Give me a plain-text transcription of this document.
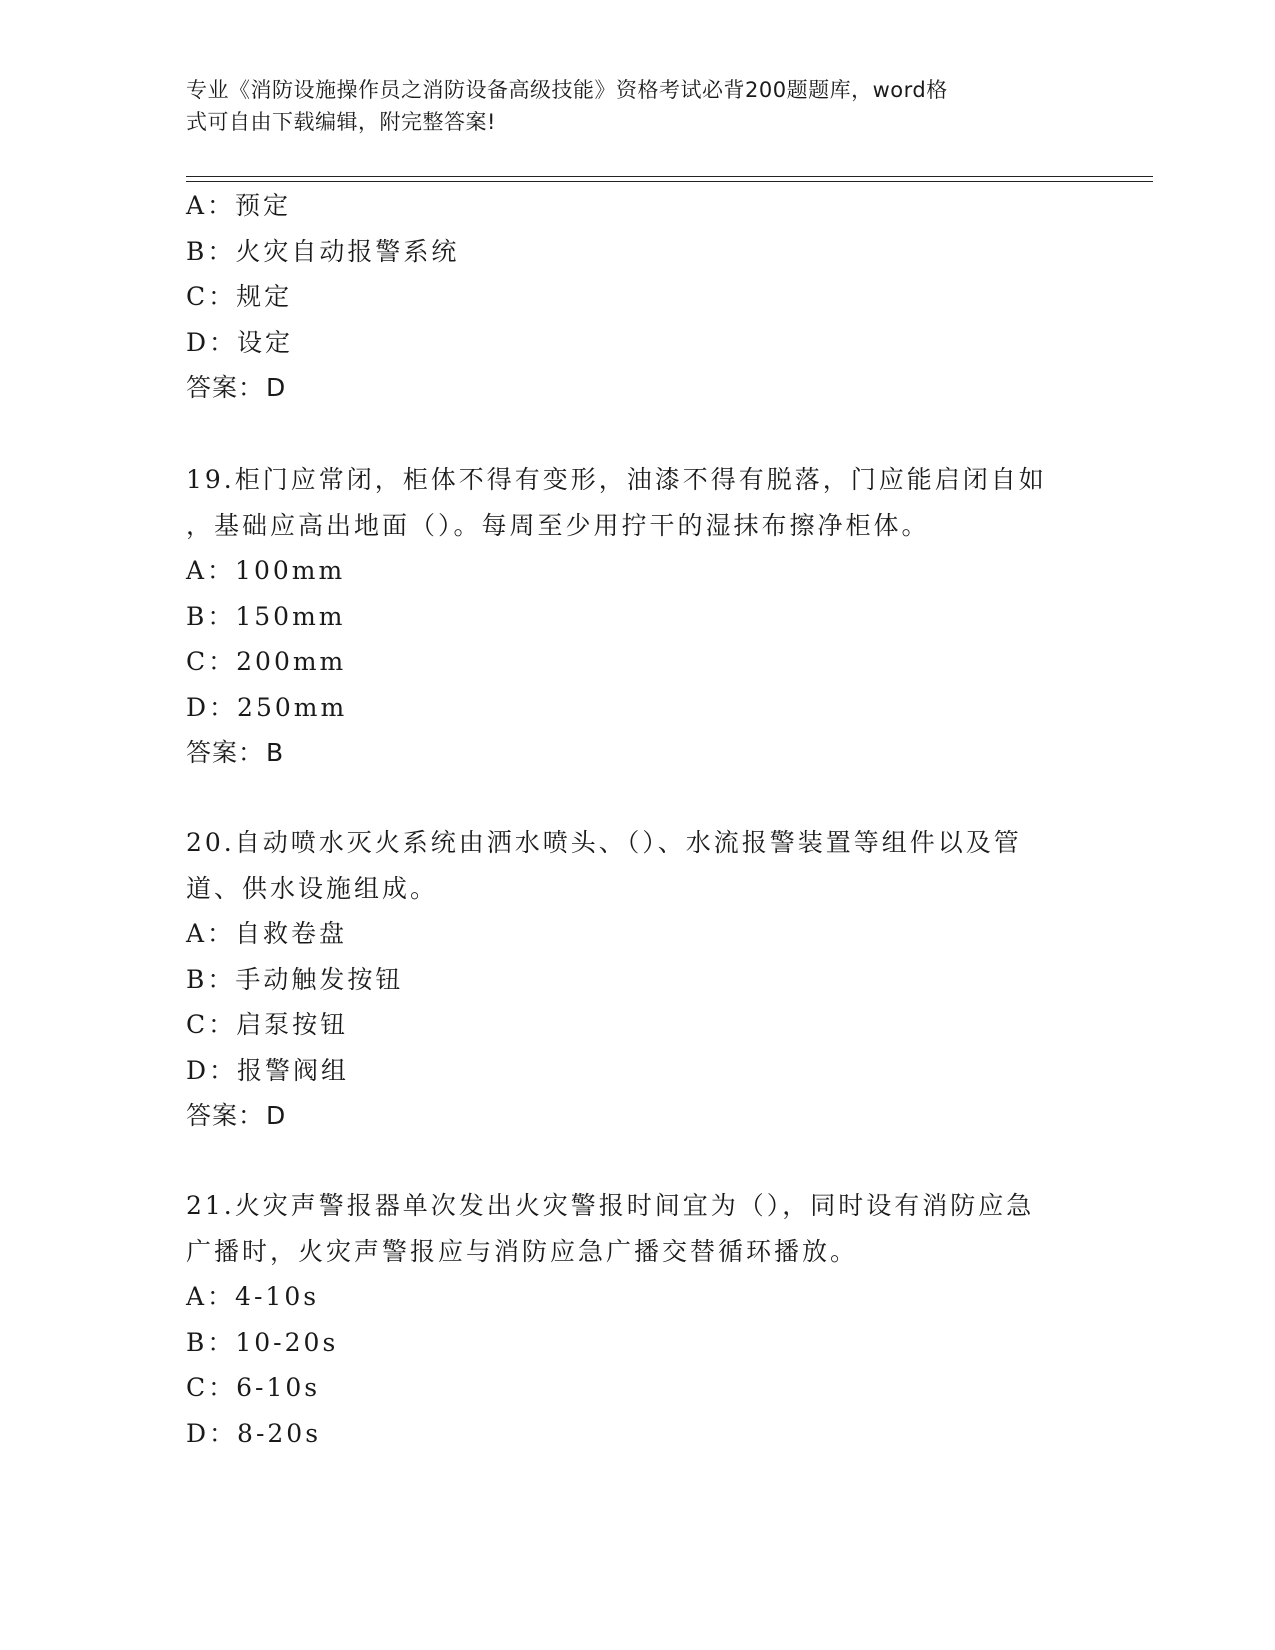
专业《消防设施操作员之消防设备高级技能》资格考试必背200题题库，word格
式可自由下载编辑，附完整答案!
A：预定
B：火灾自动报警系统
C：规定
D：设定
答案：D
19.柜门应常闭，柜体不得有变形，油漆不得有脱落，门应能启闭自如
，基础应高出地面（）。每周至少用拧干的湿抹布擦净柜体。
A：100mm
B：150mm
C：200mm
D：250mm
答案：B
20.自动喷水灭火系统由洒水喷头、（）、水流报警装置等组件以及管
道、供水设施组成。
A：自救卷盘
B：手动触发按钮
C：启泵按钮
D：报警阀组
答案：D
21.火灾声警报器单次发出火灾警报时间宜为（），同时设有消防应急
广播时，火灾声警报应与消防应急广播交替循环播放。
A：4-10s
B：10-20s
C：6-10s
D：8-20s
